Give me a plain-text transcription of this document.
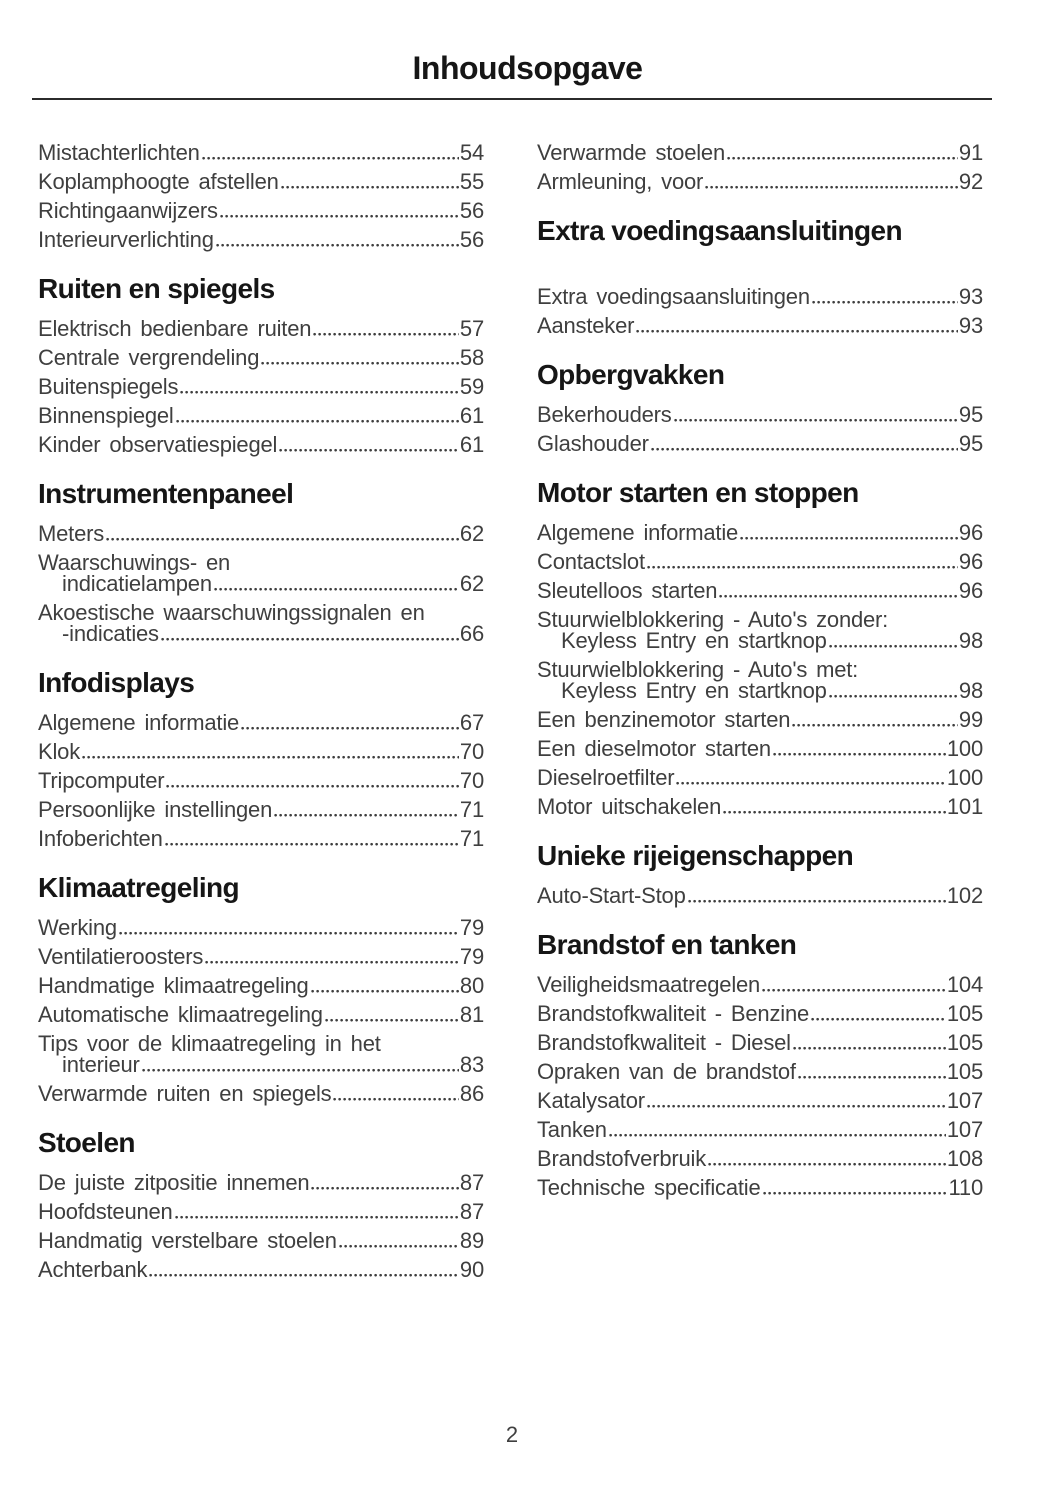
Inhoudsopgave
Mistachterlichten	54
Koplamphoogte afstellen	55
Richtingaanwijzers	56
Interieurverlichting	56
Ruiten en spiegels
Elektrisch bedienbare ruiten	57
Centrale vergrendeling	58
Buitenspiegels	59
Binnenspiegel	61
Kinder observatiespiegel	61
Instrumentenpaneel
Meters	62
Waarschuwings- en
indicatielampen	62
Akoestische waarschuwingssignalen en
-indicaties	66
Infodisplays
Algemene informatie	67
Klok	70
Tripcomputer	70
Persoonlijke instellingen	71
Infoberichten	71
Klimaatregeling
Werking	79
Ventilatieroosters	79
Handmatige klimaatregeling	80
Automatische klimaatregeling	81
Tips voor de klimaatregeling in het
interieur	83
Verwarmde ruiten en spiegels	86
Stoelen
De juiste zitpositie innemen	87
Hoofdsteunen	87
Handmatig verstelbare stoelen	89
Achterbank	90
Verwarmde stoelen	91
Armleuning, voor	92
Extra voedingsaansluitingen
Extra voedingsaansluitingen	93
Aansteker	93
Opbergvakken
Bekerhouders	95
Glashouder	95
Motor starten en stoppen
Algemene informatie	96
Contactslot	96
Sleutelloos starten	96
Stuurwielblokkering - Auto's zonder:
Keyless Entry en startknop	98
Stuurwielblokkering - Auto's met:
Keyless Entry en startknop	98
Een benzinemotor starten	99
Een dieselmotor starten	100
Dieselroetfilter	100
Motor uitschakelen	101
Unieke rijeigenschappen
Auto-Start-Stop	102
Brandstof en tanken
Veiligheidsmaatregelen	104
Brandstofkwaliteit - Benzine	105
Brandstofkwaliteit - Diesel	105
Opraken van de brandstof	105
Katalysator	107
Tanken	107
Brandstofverbruik	108
Technische specificatie	110
2
